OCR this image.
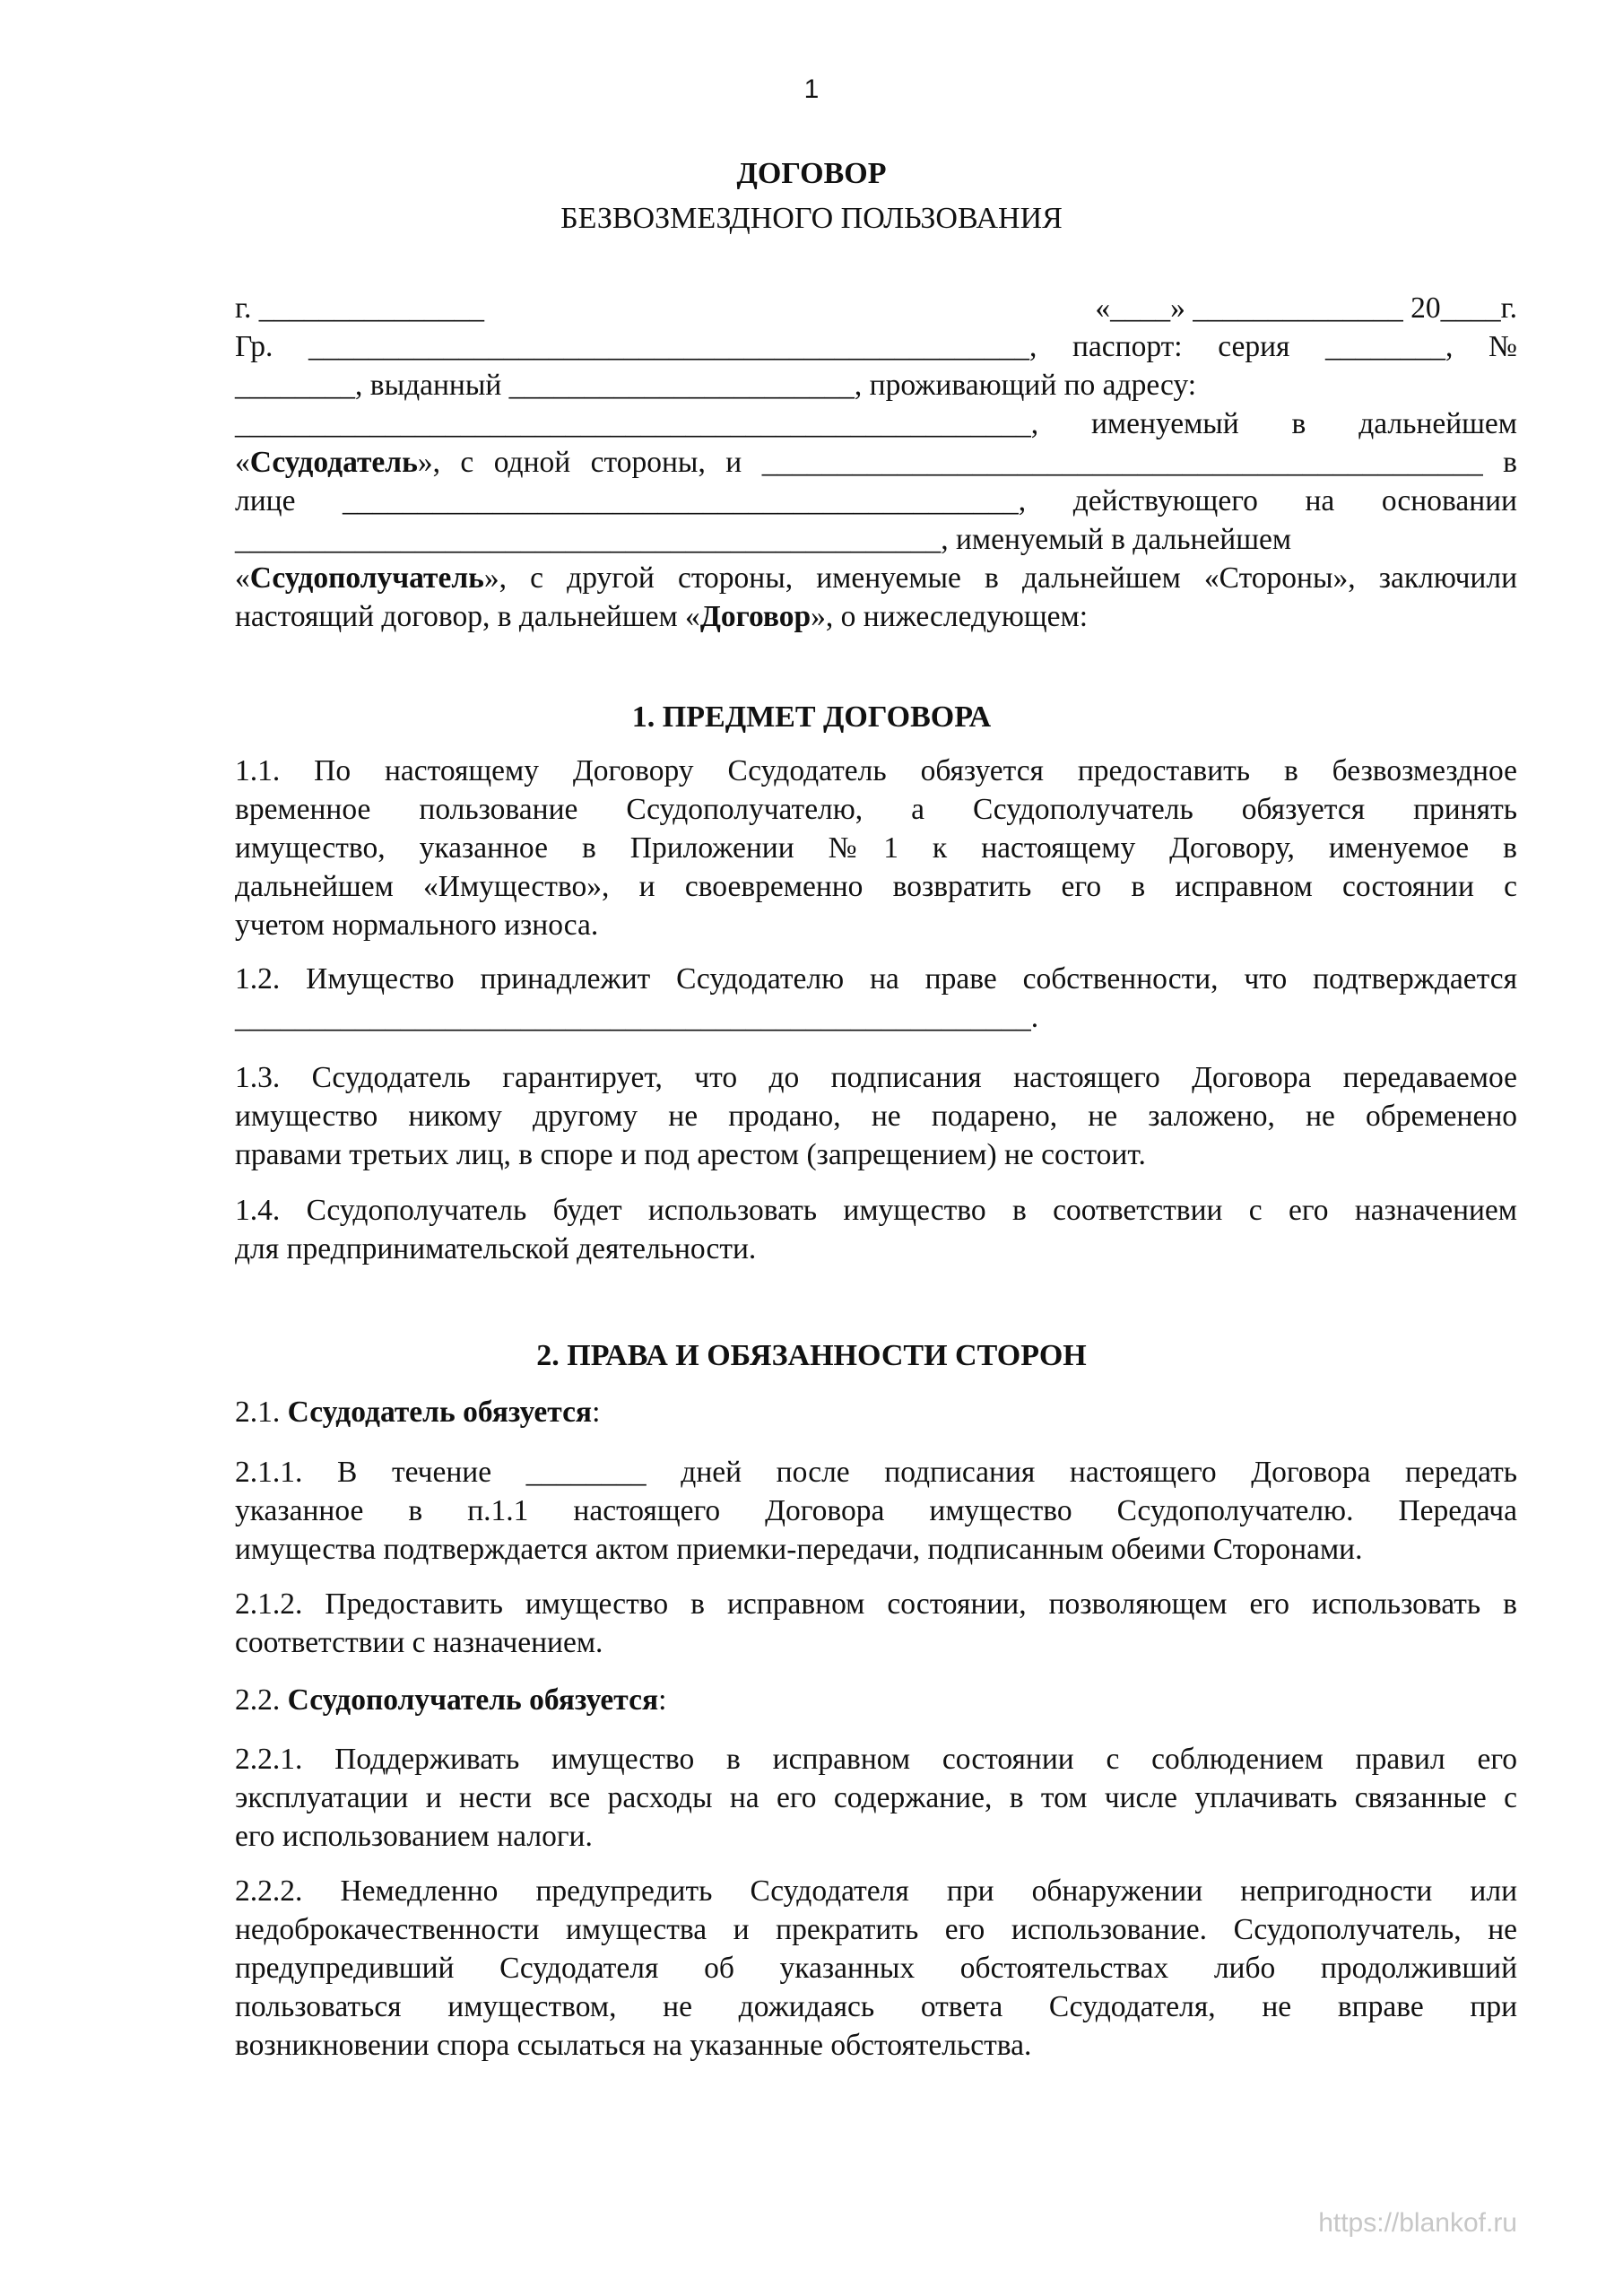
1
ДОГОВОР
БЕЗВОЗМЕЗДНОГО ПОЛЬЗОВАНИЯ
г. _______________	«____» ______________ 20____г.
Гр. ________________________________________________, паспорт: серия ________, №
________, выданный _______________________, проживающий по адресу:
_____________________________________________________, именуемый в дальнейшем
«Ссудодатель», с одной стороны, и ________________________________________________ в
лице _____________________________________________, действующего на основании
_______________________________________________, именуемый в дальнейшем
«Ссудополучатель», с другой стороны, именуемые в дальнейшем «Стороны», заключили
настоящий договор, в дальнейшем «Договор», о нижеследующем:
1. ПРЕДМЕТ ДОГОВОРА
1.1. По настоящему Договору Ссудодатель обязуется предоставить в безвозмездное
временное пользование Ссудополучателю, а Ссудополучатель обязуется принять
имущество, указанное в Приложении №1 к настоящему Договору, именуемое в
дальнейшем «Имущество», и своевременно возвратить его в исправном состоянии с
учетом нормального износа.
1.2. Имущество принадлежит Ссудодателю на праве собственности, что подтверждается
_____________________________________________________.
1.3. Ссудодатель гарантирует, что до подписания настоящего Договора передаваемое
имущество никому другому не продано, не подарено, не заложено, не обременено
правами третьих лиц, в споре и под арестом (запрещением) не состоит.
1.4. Ссудополучатель будет использовать имущество в соответствии с его назначением
для предпринимательской деятельности.
2. ПРАВА И ОБЯЗАННОСТИ СТОРОН
2.1. Ссудодатель обязуется:
2.1.1. В течение ________ дней после подписания настоящего Договора передать
указанное в п.1.1 настоящего Договора имущество Ссудополучателю. Передача
имущества подтверждается актом приемки-передачи, подписанным обеими Сторонами.
2.1.2. Предоставить имущество в исправном состоянии, позволяющем его использовать в
соответствии с назначением.
2.2. Ссудополучатель обязуется:
2.2.1. Поддерживать имущество в исправном состоянии с соблюдением правил его
эксплуатации и нести все расходы на его содержание, в том числе уплачивать связанные с
его использованием налоги.
2.2.2. Немедленно предупредить Ссудодателя при обнаружении непригодности или
недоброкачественности имущества и прекратить его использование. Ссудополучатель, не
предупредивший Ссудодателя об указанных обстоятельствах либо продолживший
пользоваться имуществом, не дожидаясь ответа Ссудодателя, не вправе при
возникновении спора ссылаться на указанные обстоятельства.
https://blankof.ru
